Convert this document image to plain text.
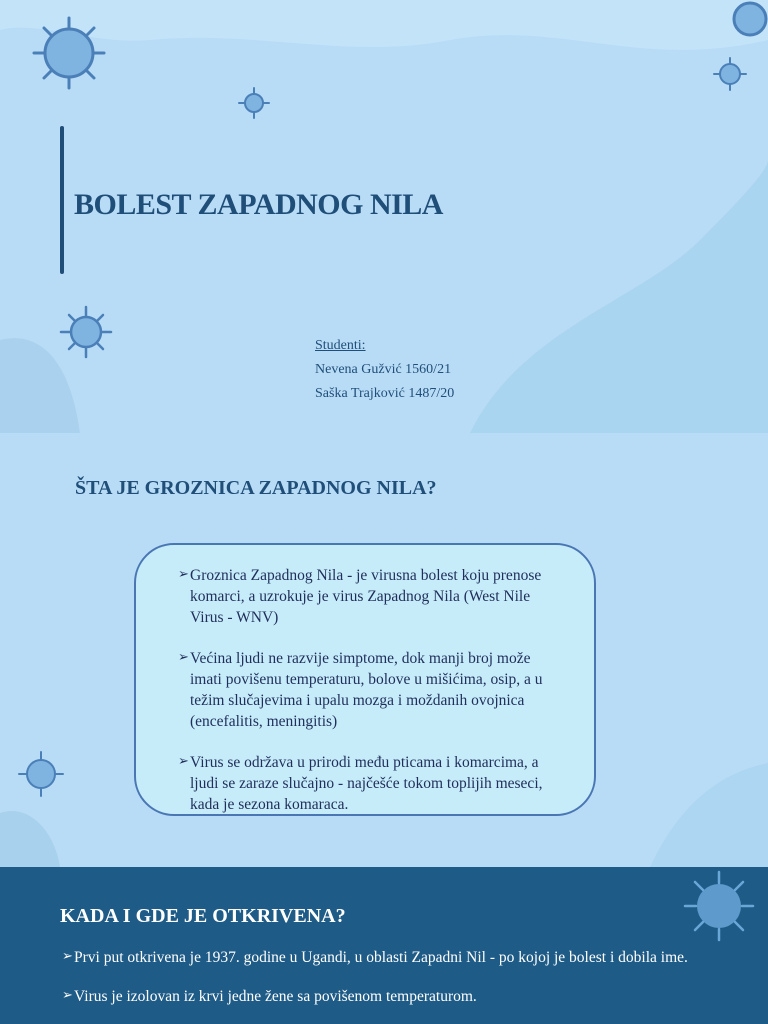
BOLEST ZAPADNOG NILA
Studenti:
Nevena Gužvić 1560/21
Saška Trajković 1487/20
ŠTA JE GROZNICA ZAPADNOG NILA?

➢ Groznica Zapadnog Nila - je virusna bolest koju prenose komarci, a uzrokuje je virus Zapadnog Nila (West Nile Virus - WNV)

➢ Većina ljudi ne razvije simptome, dok manji broj može imati povišenu temperaturu, bolove u mišićima, osip, a u težim slučajevima i upalu mozga i moždanih ovojnica (encefalitis, meningitis)

➢ Virus se održava u prirodi među pticama i komarcima, a ljudi se zaraze slučajno - najčešće tokom toplijih meseci, kada je sezona komaraca.

KADA I GDE JE OTKRIVENA?

➢ Prvi put otkrivena je 1937. godine u Ugandi, u oblasti Zapadni Nil - po kojoj je bolest i dobila ime.

➢ Virus je izolovan iz krvi jedne žene sa povišenom temperaturom.
